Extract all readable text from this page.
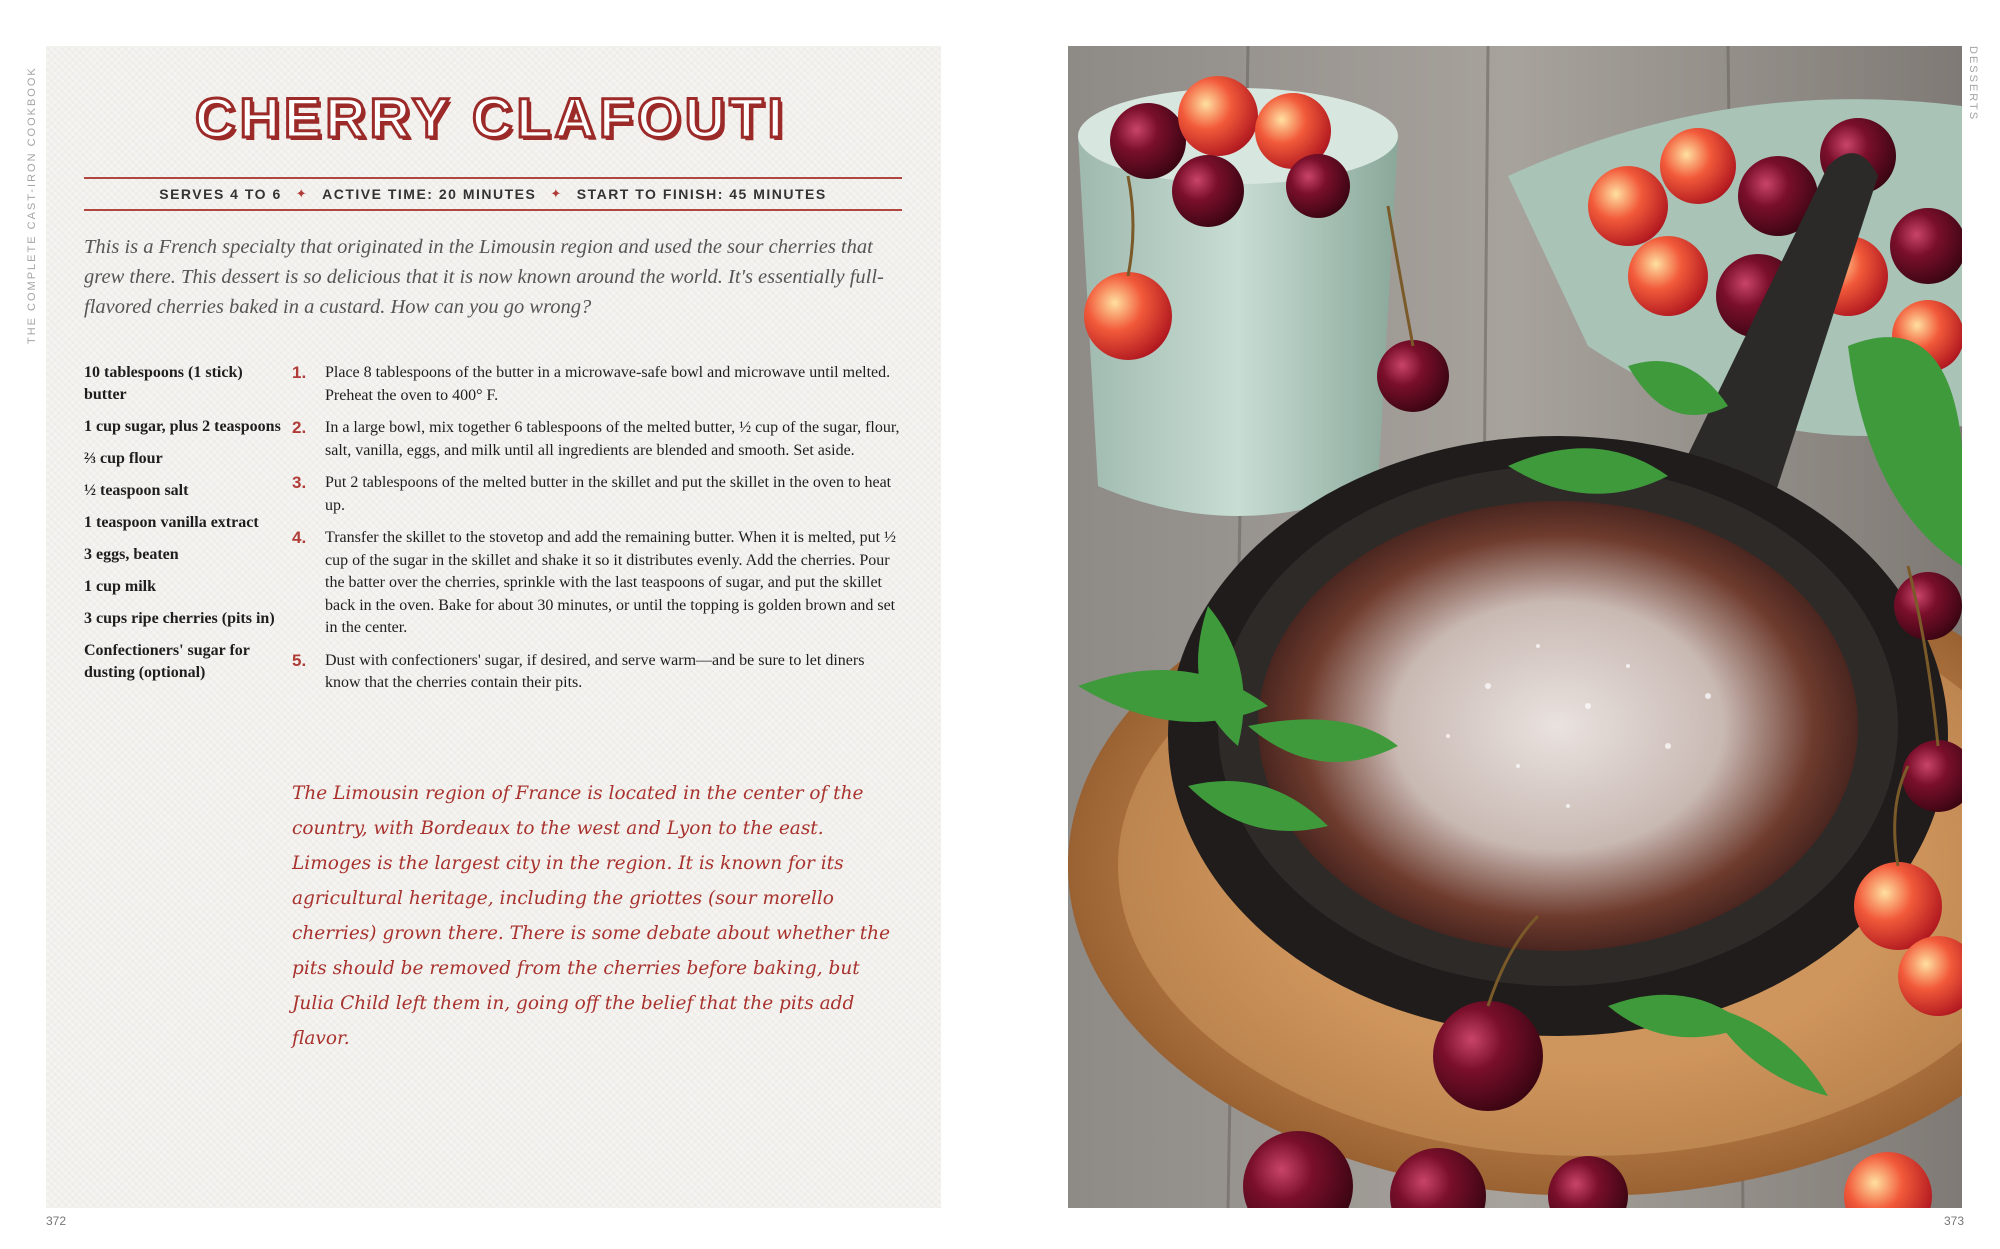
THE COMPLETE CAST-IRON COOKBOOK	DESSERTS
CHERRY CLAFOUTI
SERVES 4 TO 6 ✦ ACTIVE TIME: 20 MINUTES ✦ START TO FINISH: 45 MINUTES

This is a French specialty that originated in the Limousin region and used the sour cherries that grew there. This dessert is so delicious that it is now known around the world. It's essentially full-flavored cherries baked in a custard. How can you go wrong?

10 tablespoons (1 stick) butter
1 cup sugar, plus 2 teaspoons
⅔ cup flour
½ teaspoon salt
1 teaspoon vanilla extract
3 eggs, beaten
1 cup milk
3 cups ripe cherries (pits in)
Confectioners' sugar for dusting (optional)
1.	Place 8 tablespoons of the butter in a microwave-safe bowl and microwave until melted. Preheat the oven to 400° F.
2.	In a large bowl, mix together 6 tablespoons of the melted butter, ½ cup of the sugar, flour, salt, vanilla, eggs, and milk until all ingredients are blended and smooth. Set aside.
3.	Put 2 tablespoons of the melted butter in the skillet and put the skillet in the oven to heat up.
4.	Transfer the skillet to the stovetop and add the remaining butter. When it is melted, put ½ cup of the sugar in the skillet and shake it so it distributes evenly. Add the cherries. Pour the batter over the cherries, sprinkle with the last teaspoons of sugar, and put the skillet back in the oven. Bake for about 30 minutes, or until the topping is golden brown and set in the center.
5.	Dust with confectioners' sugar, if desired, and serve warm—and be sure to let diners know that the cherries contain their pits.

The Limousin region of France is located in the center of the country, with Bordeaux to the west and Lyon to the east. Limoges is the largest city in the region. It is known for its agricultural heritage, including the griottes (sour morello cherries) grown there. There is some debate about whether the pits should be removed from the cherries before baking, but Julia Child left them in, going off the belief that the pits add flavor.

372	373
